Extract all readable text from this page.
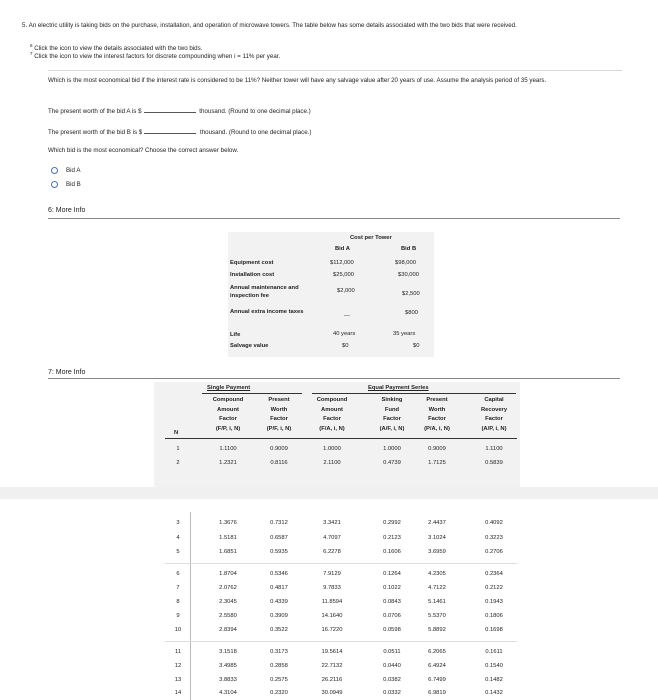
5. An electric utility is taking bids on the purchase, installation, and operation of microwave towers. The table below has some details associated with the two bids that were received.
$^6$ Click the icon to view the details associated with the two bids.
$^7$ Click the icon to view the interest factors for discrete compounding when i = 11% per year.
Which is the most economical bid if the interest rate is considered to be 11%? Neither tower will have any salvage value after 20 years of use. Assume the analysis period of 35 years.
The present worth of the bid A is $	thousand. (Round to one decimal place.)
The present worth of the bid B is $	thousand. (Round to one decimal place.)
Which bid is the most economical? Choose the correct answer below.
Bid A
Bid B
6: More Info
Cost per Tower
Bid A	Bid B
Equipment cost	$112,000	$98,000
Installation cost	$25,000	$30,000
Annual maintenance and inspection fee
$2,000	$2,500
Annual extra income taxes
—	$800
Life	40 years	35 years
Salvage value	$0	$0
7: More Info
Single Payment	Equal Payment Series
N
Compound
Amount
Factor
(F/P, i, N)
Present
Worth
Factor
(P/F, i, N)
Compound
Amount
Factor
(F/A, i, N)
Sinking
Fund
Factor
(A/F, i, N)
Present
Worth
Factor
(P/A, i, N)
Capital
Recovery
Factor
(A/P, i, N)
1	1.1100	0.9009	1.0000	1.0000	0.9009	1.1100
2	1.2321	0.8116	2.1100	0.4739	1.7125	0.5839
3	1.3676	0.7312	3.3421	0.2992	2.4437	0.4092
4	1.5181	0.6587	4.7097	0.2123	3.1024	0.3223
5	1.6851	0.5935	6.2278	0.1606	3.6959	0.2706
6	1.8704	0.5346	7.9129	0.1264	4.2305	0.2364
7	2.0762	0.4817	9.7833	0.1022	4.7122	0.2122
8	2.3045	0.4339	11.8594	0.0843	5.1461	0.1943
9	2.5580	0.3909	14.1640	0.0706	5.5370	0.1806
10	2.8394	0.3522	16.7220	0.0598	5.8892	0.1698
11	3.1518	0.3173	19.5614	0.0511	6.2065	0.1611
12	3.4985	0.2858	22.7132	0.0440	6.4924	0.1540
13	3.8833	0.2575	26.2116	0.0382	6.7499	0.1482
14	4.3104	0.2320	30.0949	0.0332	6.9819	0.1432
